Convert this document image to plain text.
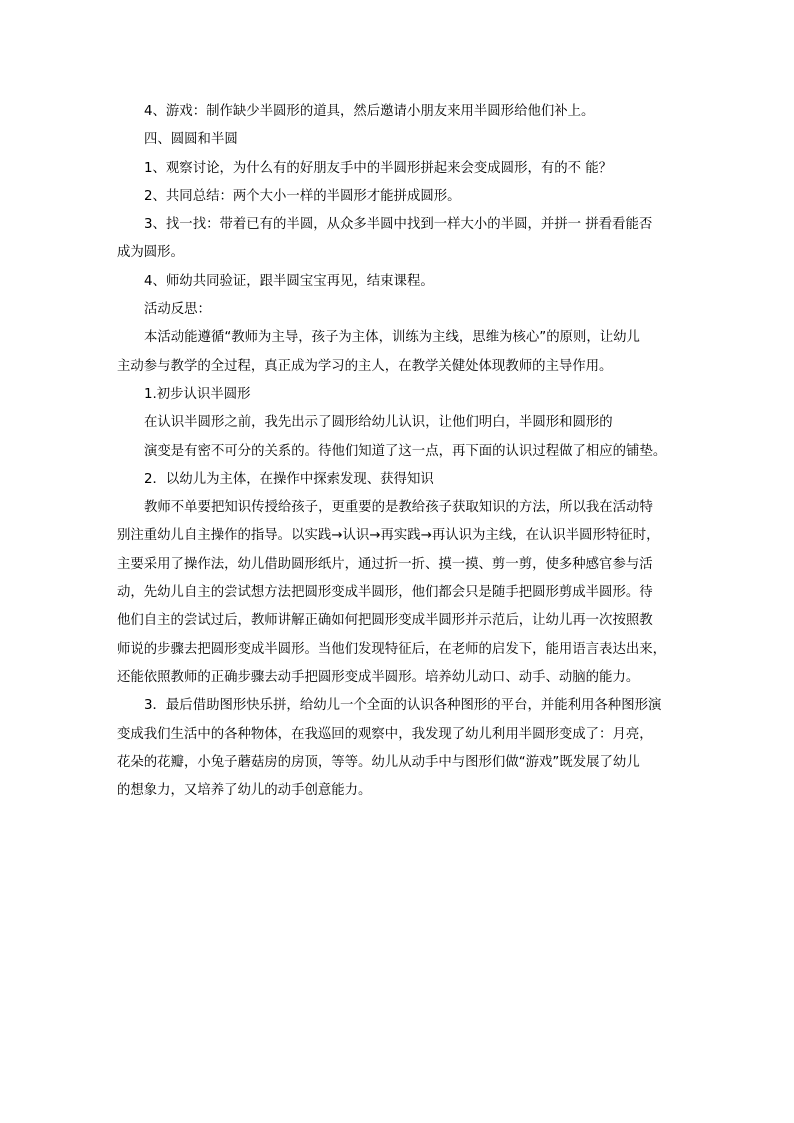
4、游戏：制作缺少半圆形的道具，然后邀请小朋友来用半圆形给他们补上。

四、圆圆和半圆

1、观察讨论，为什么有的好朋友手中的半圆形拼起来会变成圆形，有的不 能？

2、共同总结：两个大小一样的半圆形才能拼成圆形。

3、找一找：带着已有的半圆，从众多半圆中找到一样大小的半圆，并拼一 拼看看能否
成为圆形。

4、师幼共同验证，跟半圆宝宝再见，结束课程。

活动反思：

本活动能遵循“教师为主导，孩子为主体，训练为主线，思维为核心”的原则，让幼儿
主动参与教学的全过程，真正成为学习的主人，在教学关健处体现教师的主导作用。

1.初步认识半圆形

在认识半圆形之前，我先出示了圆形给幼儿认识，让他们明白，半圆形和圆形的

演变是有密不可分的关系的。待他们知道了这一点，再下面的认识过程做了相应的铺垫。

2．以幼儿为主体，在操作中探索发现、获得知识

教师不单要把知识传授给孩子，更重要的是教给孩子获取知识的方法，所以我在活动特
别注重幼儿自主操作的指导。以实践→认识→再实践→再认识为主线，在认识半圆形特征时，
主要采用了操作法，幼儿借助圆形纸片，通过折一折、摸一摸、剪一剪，使多种感官参与活
动，先幼儿自主的尝试想方法把圆形变成半圆形，他们都会只是随手把圆形剪成半圆形。待
他们自主的尝试过后，教师讲解正确如何把圆形变成半圆形并示范后，让幼儿再一次按照教
师说的步骤去把圆形变成半圆形。当他们发现特征后，在老师的启发下，能用语言表达出来，
还能依照教师的正确步骤去动手把圆形变成半圆形。培养幼儿动口、动手、动脑的能力。

3．最后借助图形快乐拼，给幼儿一个全面的认识各种图形的平台，并能利用各种图形演
变成我们生活中的各种物体，在我巡回的观察中，我发现了幼儿利用半圆形变成了：月亮，
花朵的花瓣，小兔子蘑菇房的房顶，等等。幼儿从动手中与图形们做“游戏”既发展了幼儿
的想象力，又培养了幼儿的动手创意能力。
